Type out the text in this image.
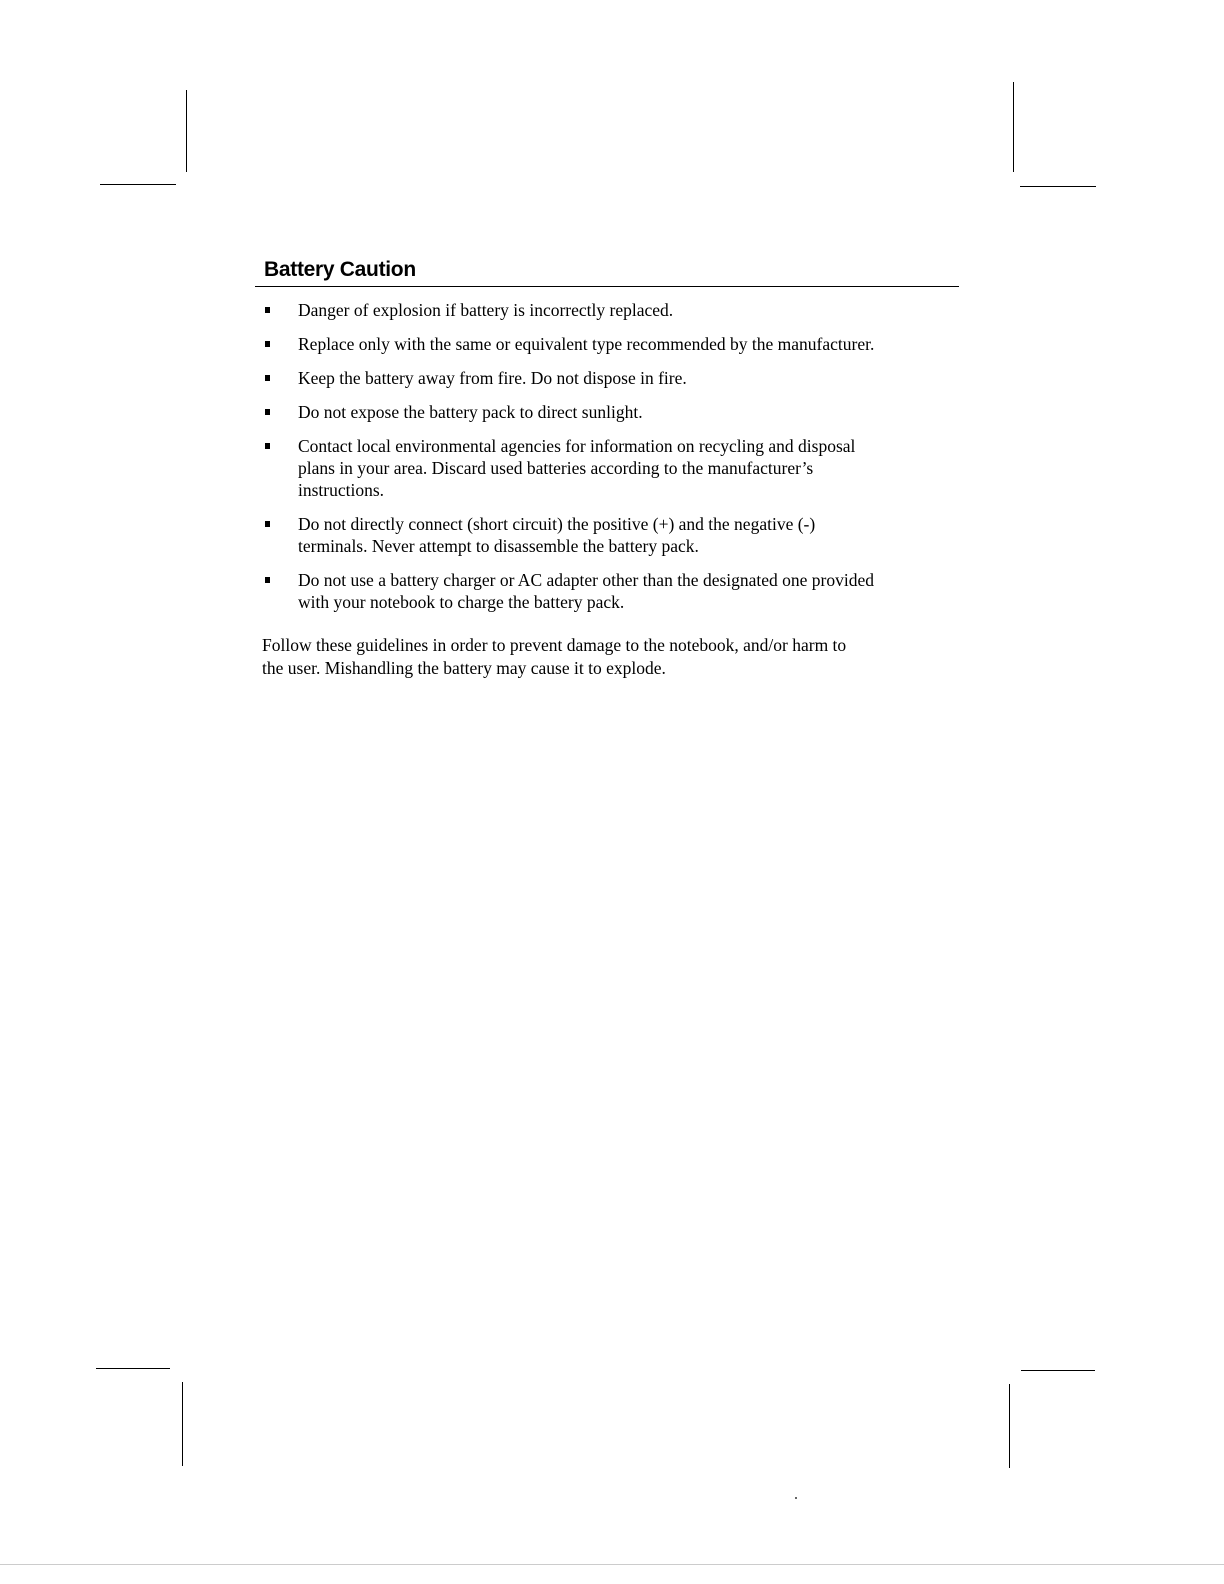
Battery Caution
Danger of explosion if battery is incorrectly replaced.
Replace only with the same or equivalent type recommended by the manufacturer.
Keep the battery away from fire. Do not dispose in fire.
Do not expose the battery pack to direct sunlight.
Contact local environmental agencies for information on recycling and disposal
plans in your area. Discard used batteries according to the manufacturer’s
instructions.
Do not directly connect (short circuit) the positive (+) and the negative (-)
terminals. Never attempt to disassemble the battery pack.
Do not use a battery charger or AC adapter other than the designated one provided
with your notebook to charge the battery pack.

Follow these guidelines in order to prevent damage to the notebook, and/or harm to
the user. Mishandling the battery may cause it to explode.
